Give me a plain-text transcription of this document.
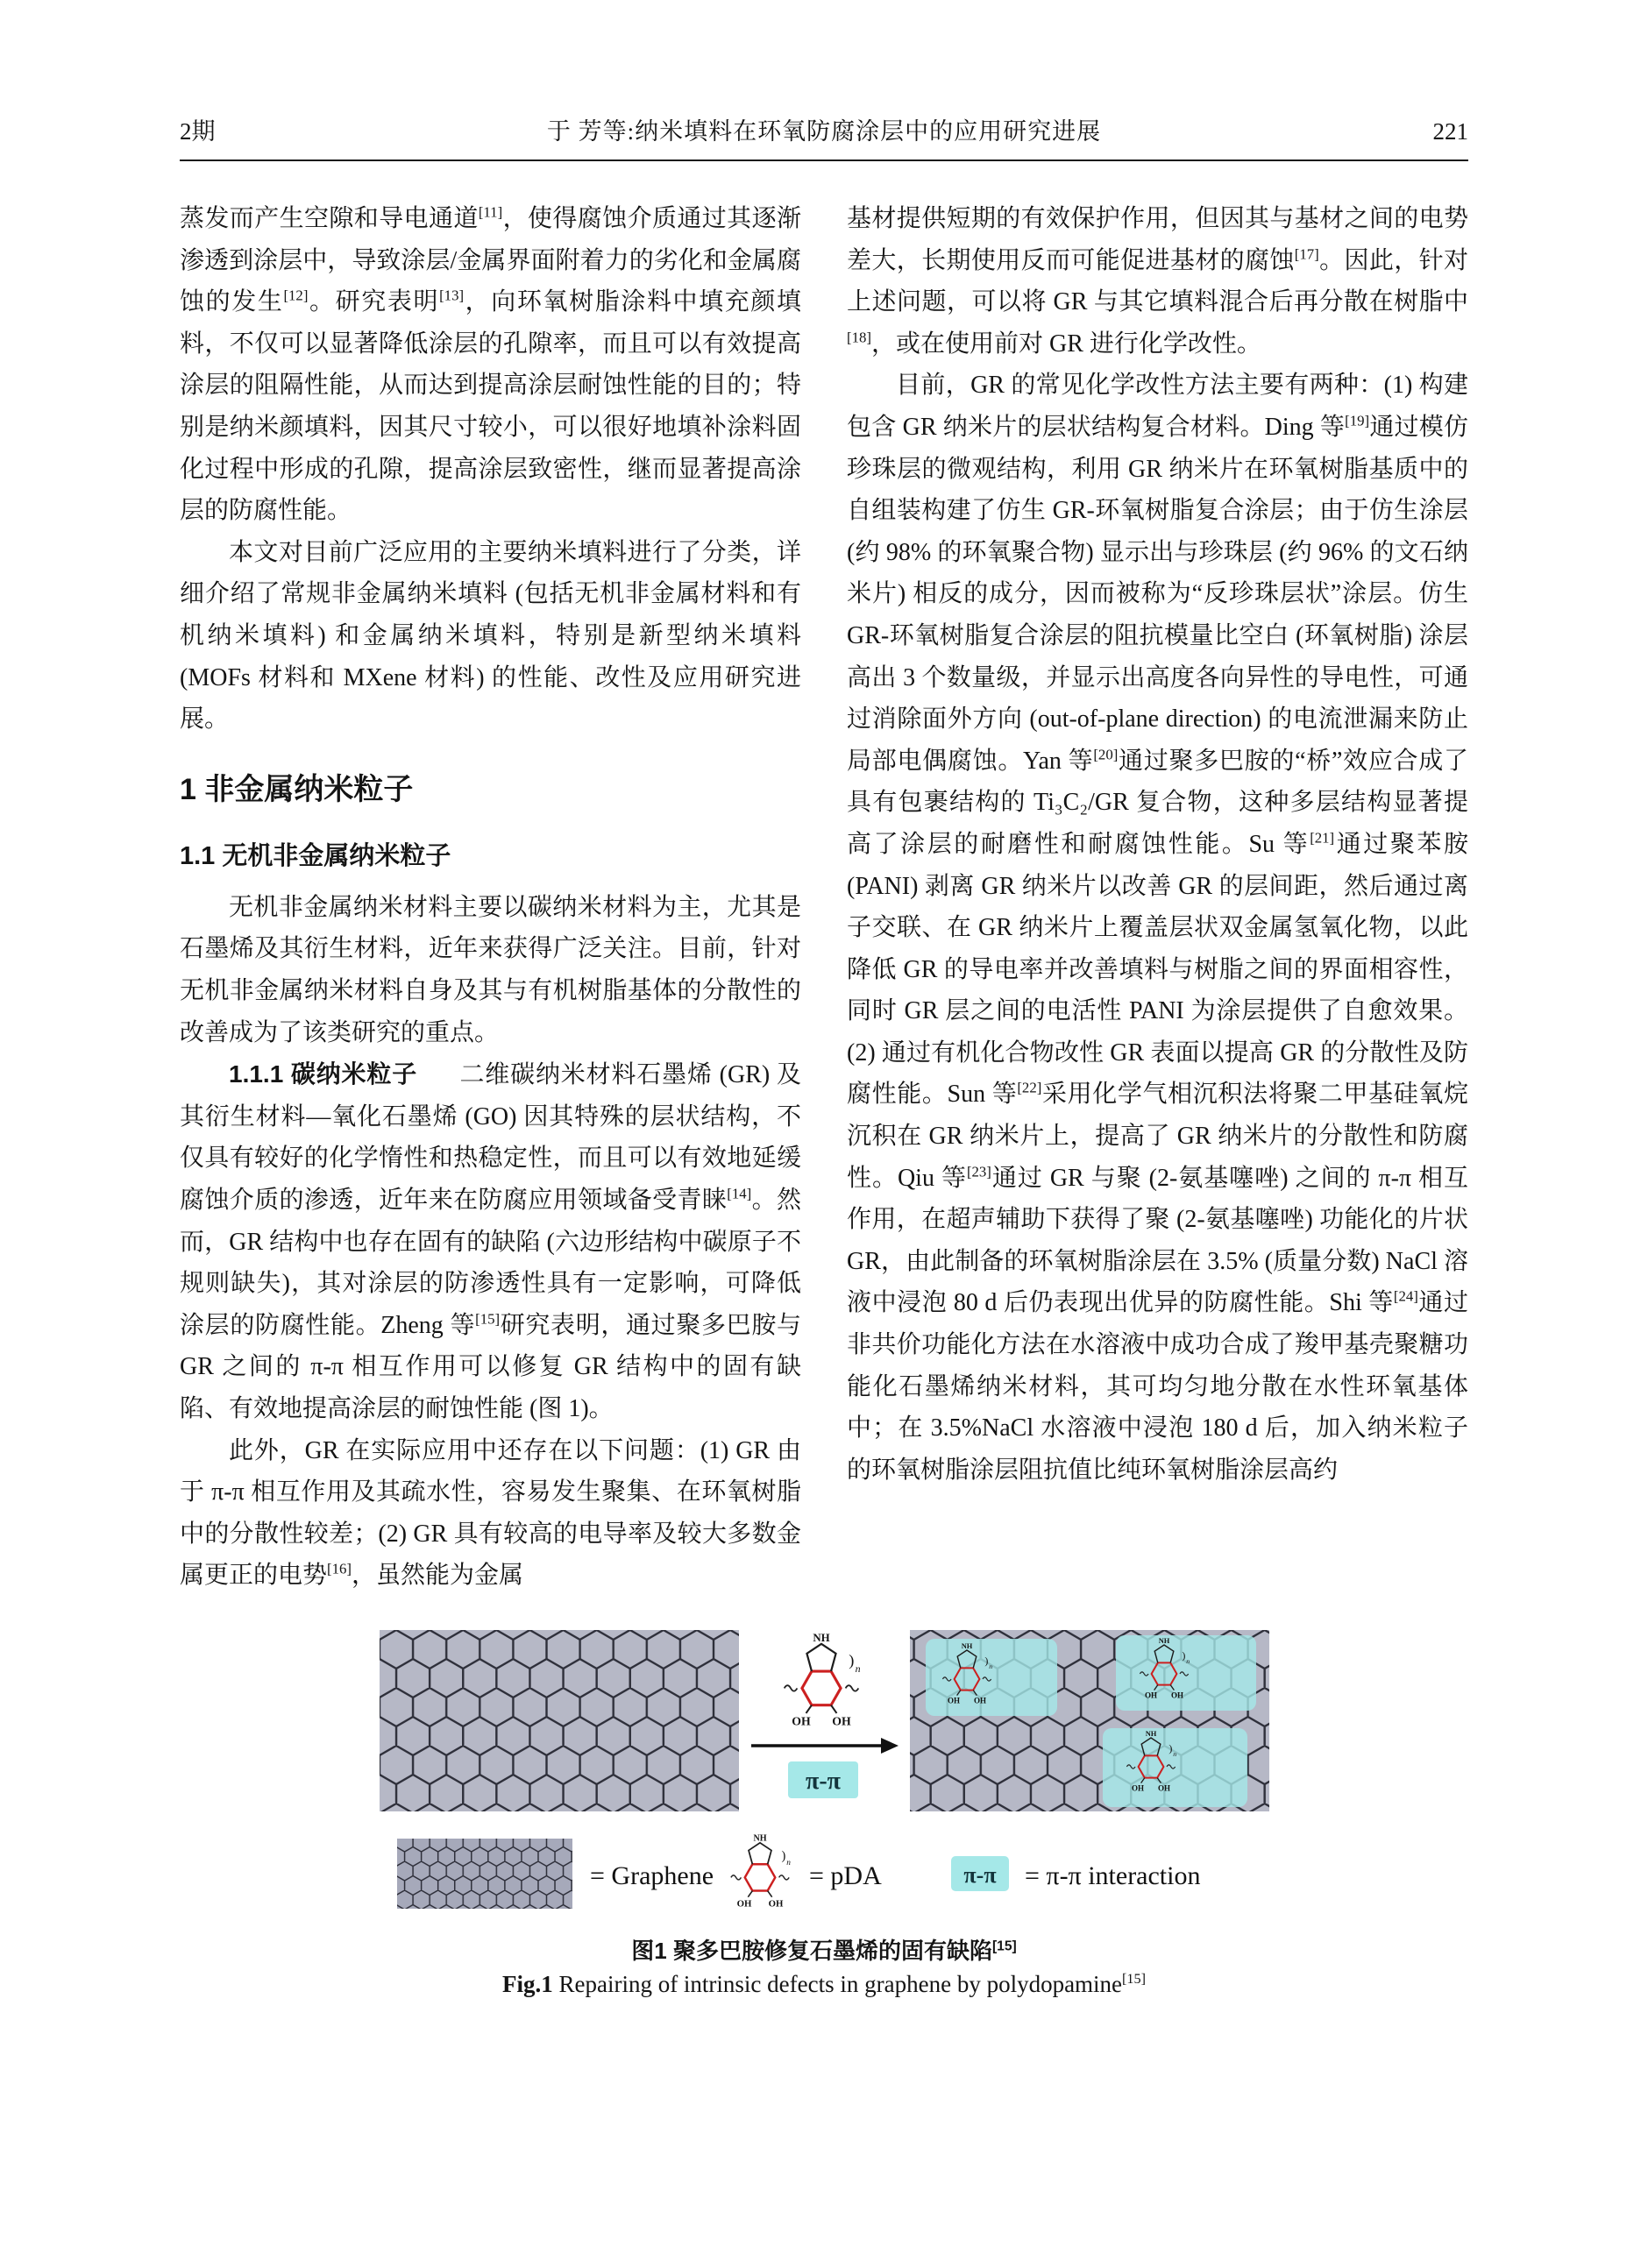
2期	于 芳等:纳米填料在环氧防腐涂层中的应用研究进展	221

蒸发而产生空隙和导电通道[11]，使得腐蚀介质通过其逐渐渗透到涂层中，导致涂层/金属界面附着力的劣化和金属腐蚀的发生[12]。研究表明[13]，向环氧树脂涂料中填充颜填料，不仅可以显著降低涂层的孔隙率，而且可以有效提高涂层的阻隔性能，从而达到提高涂层耐蚀性能的目的；特别是纳米颜填料，因其尺寸较小，可以很好地填补涂料固化过程中形成的孔隙，提高涂层致密性，继而显著提高涂层的防腐性能。

本文对目前广泛应用的主要纳米填料进行了分类，详细介绍了常规非金属纳米填料 (包括无机非金属材料和有机纳米填料) 和金属纳米填料，特别是新型纳米填料 (MOFs 材料和 MXene 材料) 的性能、改性及应用研究进展。

1 非金属纳米粒子
1.1 无机非金属纳米粒子

无机非金属纳米材料主要以碳纳米材料为主，尤其是石墨烯及其衍生材料，近年来获得广泛关注。目前，针对无机非金属纳米材料自身及其与有机树脂基体的分散性的改善成为了该类研究的重点。

1.1.1 碳纳米粒子 二维碳纳米材料石墨烯 (GR) 及其衍生材料—氧化石墨烯 (GO) 因其特殊的层状结构，不仅具有较好的化学惰性和热稳定性，而且可以有效地延缓腐蚀介质的渗透，近年来在防腐应用领域备受青睐[14]。然而，GR 结构中也存在固有的缺陷 (六边形结构中碳原子不规则缺失)，其对涂层的防渗透性具有一定影响，可降低涂层的防腐性能。Zheng 等[15]研究表明，通过聚多巴胺与 GR 之间的 π-π 相互作用可以修复 GR 结构中的固有缺陷、有效地提高涂层的耐蚀性能 (图 1)。

此外，GR 在实际应用中还存在以下问题：(1) GR 由于 π-π 相互作用及其疏水性，容易发生聚集、在环氧树脂中的分散性较差；(2) GR 具有较高的电导率及较大多数金属更正的电势[16]，虽然能为金属

基材提供短期的有效保护作用，但因其与基材之间的电势差大，长期使用反而可能促进基材的腐蚀[17]。因此，针对上述问题，可以将 GR 与其它填料混合后再分散在树脂中[18]，或在使用前对 GR 进行化学改性。

目前，GR 的常见化学改性方法主要有两种：(1) 构建包含 GR 纳米片的层状结构复合材料。Ding 等[19]通过模仿珍珠层的微观结构，利用 GR 纳米片在环氧树脂基质中的自组装构建了仿生 GR-环氧树脂复合涂层；由于仿生涂层 (约 98% 的环氧聚合物) 显示出与珍珠层 (约 96% 的文石纳米片) 相反的成分，因而被称为“反珍珠层状”涂层。仿生 GR-环氧树脂复合涂层的阻抗模量比空白 (环氧树脂) 涂层高出 3 个数量级，并显示出高度各向异性的导电性，可通过消除面外方向 (out-of-plane direction) 的电流泄漏来防止局部电偶腐蚀。Yan 等[20]通过聚多巴胺的“桥”效应合成了具有包裹结构的 Ti₃C₂/GR 复合物，这种多层结构显著提高了涂层的耐磨性和耐腐蚀性能。Su 等[21]通过聚苯胺 (PANI) 剥离 GR 纳米片以改善 GR 的层间距，然后通过离子交联、在 GR 纳米片上覆盖层状双金属氢氧化物，以此降低 GR 的导电率并改善填料与树脂之间的界面相容性，同时 GR 层之间的电活性 PANI 为涂层提供了自愈效果。(2) 通过有机化合物改性 GR 表面以提高 GR 的分散性及防腐性能。Sun 等[22]采用化学气相沉积法将聚二甲基硅氧烷沉积在 GR 纳米片上，提高了 GR 纳米片的分散性和防腐性。Qiu 等[23]通过 GR 与聚 (2-氨基噻唑) 之间的 π-π 相互作用，在超声辅助下获得了聚 (2-氨基噻唑) 功能化的片状 GR，由此制备的环氧树脂涂层在 3.5% (质量分数) NaCl 溶液中浸泡 80 d 后仍表现出优异的防腐性能。Shi 等[24]通过非共价功能化方法在水溶液中成功合成了羧甲基壳聚糖功能化石墨烯纳米材料，其可均匀地分散在水性环氧基体中；在 3.5%NaCl 水溶液中浸泡 180 d 后，加入纳米粒子的环氧树脂涂层阻抗值比纯环氧树脂涂层高约

π-π
= Graphene	= pDA	π-π = π-π interaction
图1 聚多巴胺修复石墨烯的固有缺陷[15]
Fig.1 Repairing of intrinsic defects in graphene by polydopamine[15]
